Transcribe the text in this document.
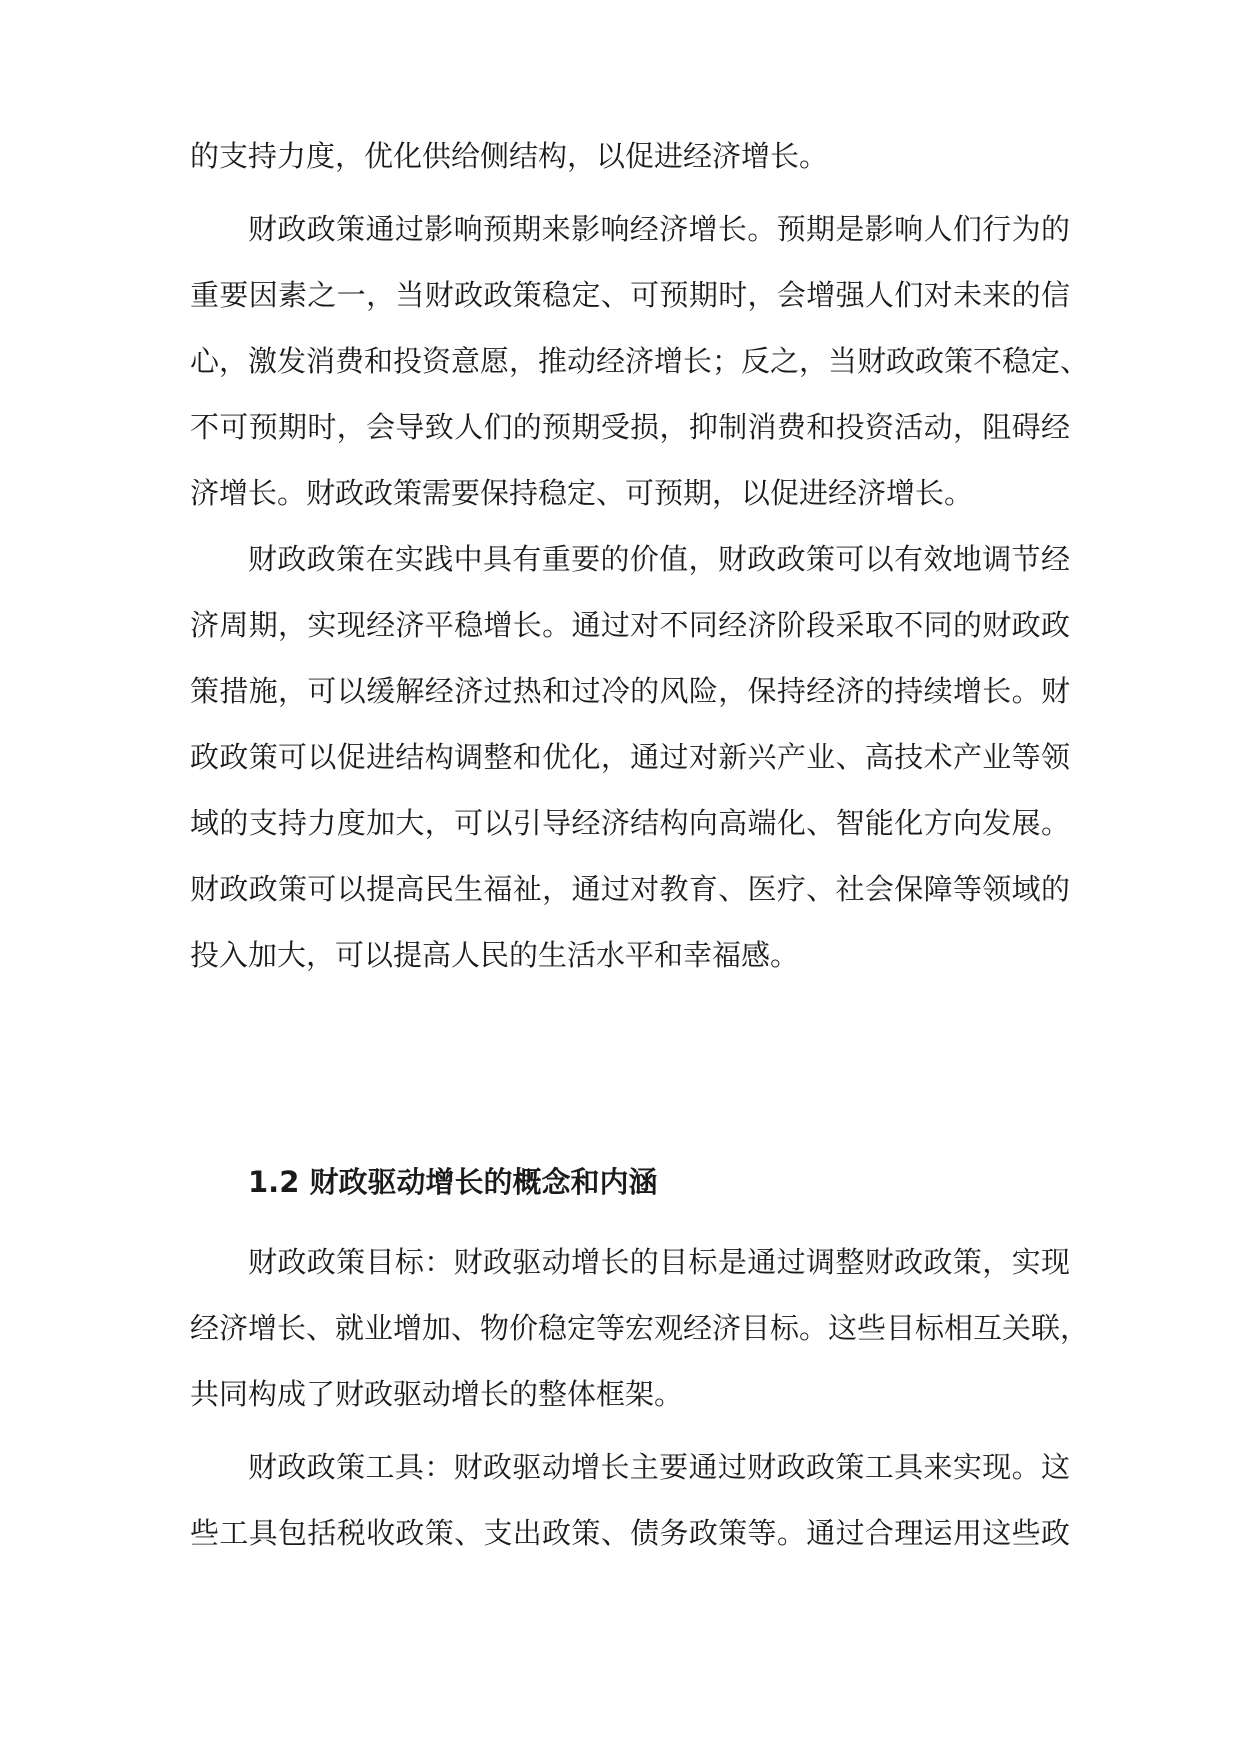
的支持力度，优化供给侧结构，以促进经济增长。
财政政策通过影响预期来影响经济增长。预期是影响人们行为的
重要因素之一，当财政政策稳定、可预期时，会增强人们对未来的信
心，激发消费和投资意愿，推动经济增长；反之，当财政政策不稳定、
不可预期时，会导致人们的预期受损，抑制消费和投资活动，阻碍经
济增长。财政政策需要保持稳定、可预期，以促进经济增长。
财政政策在实践中具有重要的价值，财政政策可以有效地调节经
济周期，实现经济平稳增长。通过对不同经济阶段采取不同的财政政
策措施，可以缓解经济过热和过冷的风险，保持经济的持续增长。财
政政策可以促进结构调整和优化，通过对新兴产业、高技术产业等领
域的支持力度加大，可以引导经济结构向高端化、智能化方向发展。
财政政策可以提高民生福祉，通过对教育、医疗、社会保障等领域的
投入加大，可以提高人民的生活水平和幸福感。
1.2 财政驱动增长的概念和内涵
财政政策目标：财政驱动增长的目标是通过调整财政政策，实现
经济增长、就业增加、物价稳定等宏观经济目标。这些目标相互关联，
共同构成了财政驱动增长的整体框架。
财政政策工具：财政驱动增长主要通过财政政策工具来实现。这
些工具包括税收政策、支出政策、债务政策等。通过合理运用这些政
